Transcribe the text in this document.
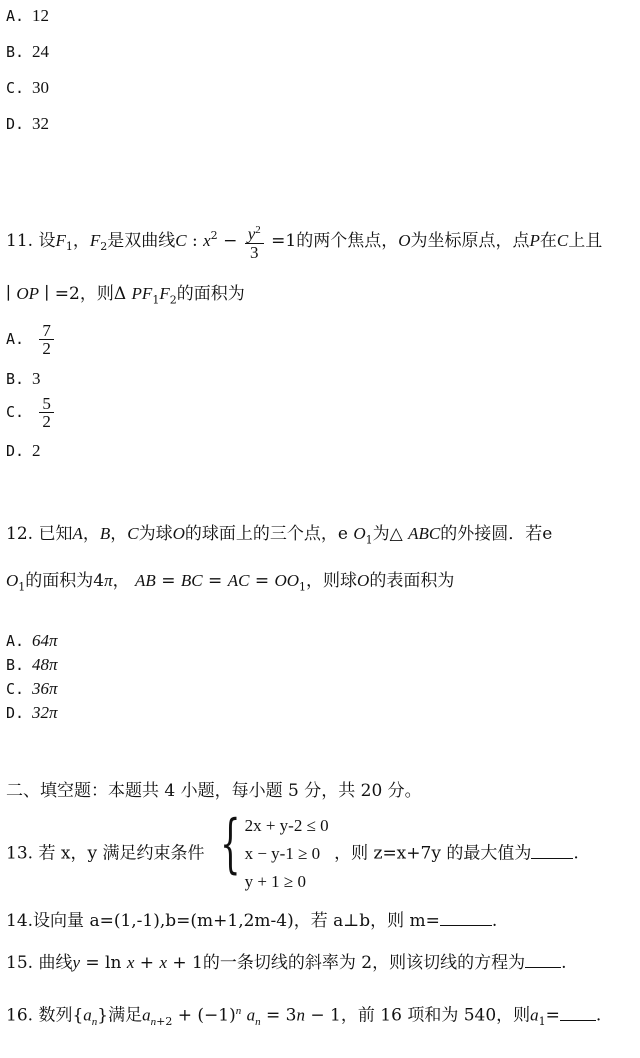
A. 12
B. 24
C. 30
D. 32
11. 设$F_1$，$F_2$是双曲线C : $x^2 - \frac{y^2}{3} =1$的两个焦点，O为坐标原点，点P在C上且
∣ OP ∣ =2，则Δ $PF_1F_2$的面积为
A. $\frac{7}{2}$
B. 3
C. $\frac{5}{2}$
D. 2
12. 已知A，B，C为球O的球面上的三个点，e $O_1$为△ ABC的外接圆．若e
$O_1$的面积为4π， AB = BC = AC = $OO_1$，则球O的表面积为
A. 64π
B. 48π
C. 36π
D. 32π
二、填空题：本题共 4 小题，每小题 5 分，共 20 分。
13. 若 x，y 满足约束条件 { 2x + y-2 ≤ 0
x − y-1 ≥ 0
y + 1 ≥ 0
，则 z=x+7y 的最大值为 .
14.设向量 a=(1,-1),b=(m+1,2m-4)，若 a⊥b，则 m=	.
15. 曲线y = ln x + x + 1的一条切线的斜率为 2，则该切线的方程为 .
16. 数列$\{a_n\}$满足$a_{n+2} + (-1)^n$ $a_n = 3n - 1$，前 16 项和为 540，则$a_1=$ .
